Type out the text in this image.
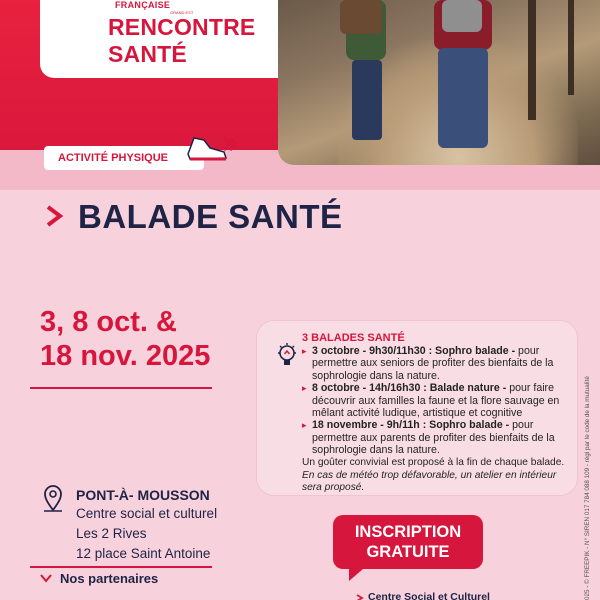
FRANÇAISE
GRAND EST
RENCONTRE SANTÉ
ACTIVITÉ PHYSIQUE
BALADE SANTÉ
3, 8 oct. &
18 nov. 2025
3 BALADES SANTÉ
▸ 3 octobre - 9h30/11h30 : Sophro balade - pour permettre aux seniors de profiter des bienfaits de la sophrologie dans la nature.
▸ 8 octobre - 14h/16h30 : Balade nature - pour faire découvrir aux familles la faune et la flore sauvage en mêlant activité ludique, artistique et cognitive
▸ 18 novembre - 9h/11h : Sophro balade - pour permettre aux parents de profiter des bienfaits de la sophrologie dans la nature.
Un goûter convivial est proposé à la fin de chaque balade.
En cas de météo trop défavorable, un atelier en intérieur sera proposé.
PONT-À- MOUSSON
Centre social et culturel
Les 2 Rives
12 place Saint Antoine
Nos partenaires
INSCRIPTION
GRATUITE
Centre Social et Culturel	025 - © FREEPIK - N° SIREN 017 784 088 109 - régi par le code de la mutualité
